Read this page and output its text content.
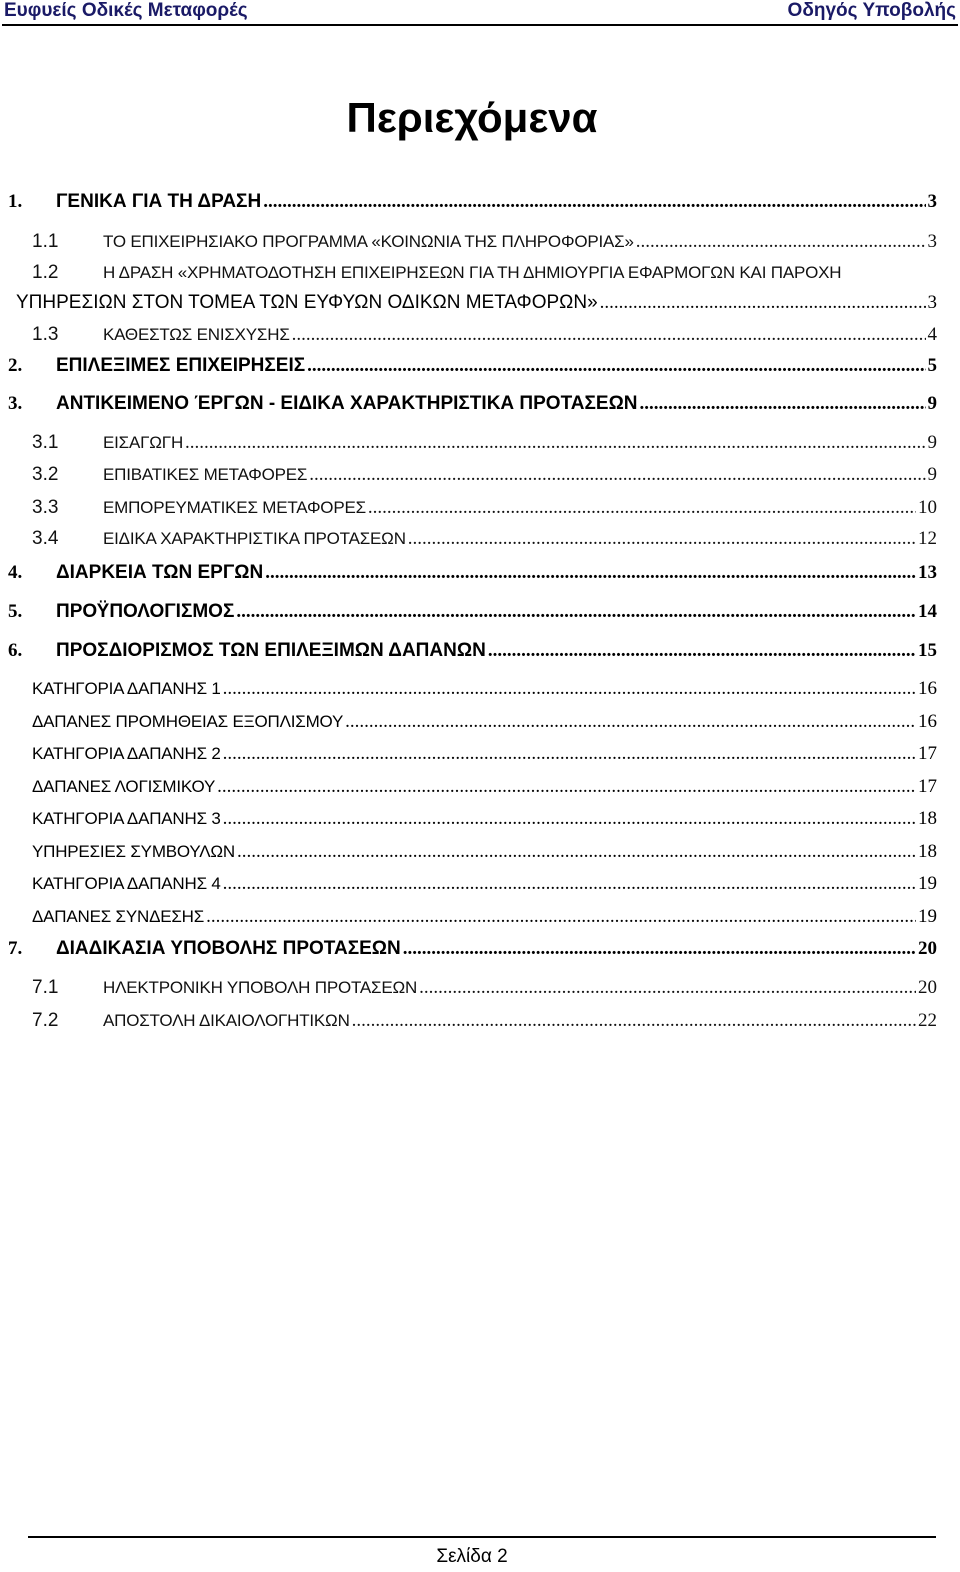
Ευφυείς Οδικές Μεταφορές	Οδηγός Υποβολής
Περιεχόμενα
1.	ΓΕΝΙΚΑ ΓΙΑ ΤΗ ΔΡΑΣΗ .....	3
1.1	ΤΟ ΕΠΙΧΕΙΡΗΣΙΑΚΟ ΠΡΟΓΡΑΜΜΑ «ΚΟΙΝΩΝΙΑ ΤΗΣ ΠΛΗΡΟΦΟΡΙΑΣ» .....	3
1.2	Η ΔΡΑΣΗ «ΧΡΗΜΑΤΟΔΟΤΗΣΗ ΕΠΙΧΕΙΡΗΣΕΩΝ ΓΙΑ ΤΗ ΔΗΜΙΟΥΡΓΙΑ ΕΦΑΡΜΟΓΩΝ ΚΑΙ ΠΑΡΟΧΗ
ΥΠΗΡΕΣΙΩΝ ΣΤΟΝ ΤΟΜΕΑ ΤΩΝ ΕΥΦΥΩΝ ΟΔΙΚΩΝ ΜΕΤΑΦΟΡΩΝ» .....	3
1.3	ΚΑΘΕΣΤΩΣ ΕΝΙΣΧΥΣΗΣ .....	4
2.	ΕΠΙΛΕΞΙΜΕΣ ΕΠΙΧΕΙΡΗΣΕΙΣ .....	5
3.	ΑΝΤΙΚΕΙΜΕΝΟ ΈΡΓΩΝ - ΕΙΔΙΚΑ ΧΑΡΑΚΤΗΡΙΣΤΙΚΑ ΠΡΟΤΑΣΕΩΝ .....	9
3.1	ΕΙΣΑΓΩΓΗ .....	9
3.2	ΕΠΙΒΑΤΙΚΕΣ ΜΕΤΑΦΟΡΕΣ .....	9
3.3	ΕΜΠΟΡΕΥΜΑΤΙΚΕΣ ΜΕΤΑΦΟΡΕΣ .....	10
3.4	ΕΙΔΙΚΑ ΧΑΡΑΚΤΗΡΙΣΤΙΚΑ ΠΡΟΤΑΣΕΩΝ .....	12
4.	ΔΙΑΡΚΕΙΑ ΤΩΝ ΕΡΓΩΝ .....	13
5.	ΠΡΟΫΠΟΛΟΓΙΣΜΟΣ .....	14
6.	ΠΡΟΣΔΙΟΡΙΣΜΟΣ ΤΩΝ ΕΠΙΛΕΞΙΜΩΝ ΔΑΠΑΝΩΝ .....	15
ΚΑΤΗΓΟΡΙΑ ΔΑΠΑΝΗΣ 1 .....	16
ΔΑΠΑΝΕΣ ΠΡΟΜΗΘΕΙΑΣ ΕΞΟΠΛΙΣΜΟΥ .....	16
ΚΑΤΗΓΟΡΙΑ ΔΑΠΑΝΗΣ 2 .....	17
ΔΑΠΑΝΕΣ ΛΟΓΙΣΜΙΚΟΥ .....	17
ΚΑΤΗΓΟΡΙΑ ΔΑΠΑΝΗΣ 3 .....	18
ΥΠΗΡΕΣΙΕΣ ΣΥΜΒΟΥΛΩΝ .....	18
ΚΑΤΗΓΟΡΙΑ ΔΑΠΑΝΗΣ 4 .....	19
ΔΑΠΑΝΕΣ ΣΥΝΔΕΣΗΣ .....	19
7.	ΔΙΑΔΙΚΑΣΙΑ ΥΠΟΒΟΛΗΣ ΠΡΟΤΑΣΕΩΝ .....	20
7.1	ΗΛΕΚΤΡΟΝΙΚΗ ΥΠΟΒΟΛΗ ΠΡΟΤΑΣΕΩΝ .....	20
7.2	ΑΠΟΣΤΟΛΗ ΔΙΚΑΙΟΛΟΓΗΤΙΚΩΝ .....	22
Σελίδα 2
